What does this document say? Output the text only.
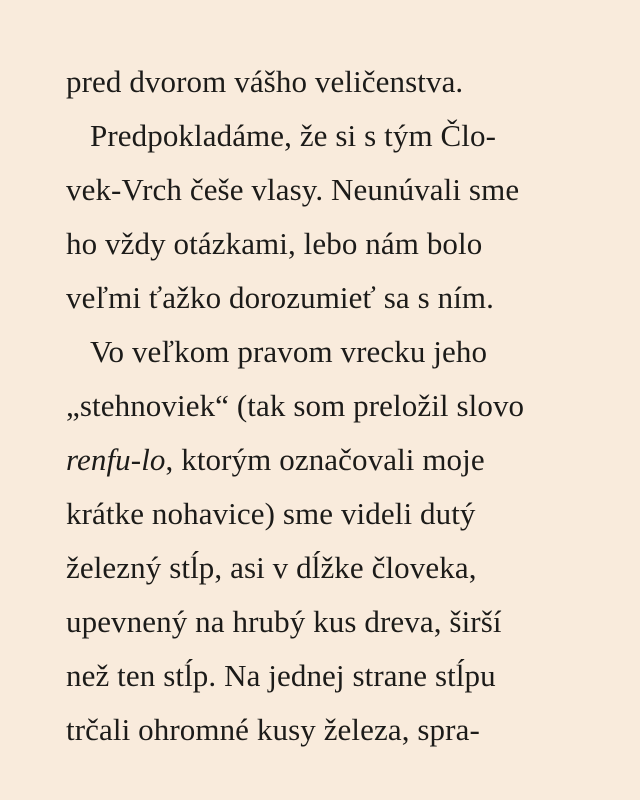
pred dvorom vášho veličenstva.
Predpokladáme, že si s tým Člo-
vek-Vrch češe vlasy. Neunúvali sme
ho vždy otázkami, lebo nám bolo
veľmi ťažko dorozumieť sa s ním.
Vo veľkom pravom vrecku jeho
„stehnoviek“ (tak som preložil slovo
renfu-lo, ktorým označovali moje
krátke nohavice) sme videli dutý
železný stĺp, asi v dĺžke človeka,
upevnený na hrubý kus dreva, širší
než ten stĺp. Na jednej strane stĺpu
trčali ohromné kusy železa, spra-
